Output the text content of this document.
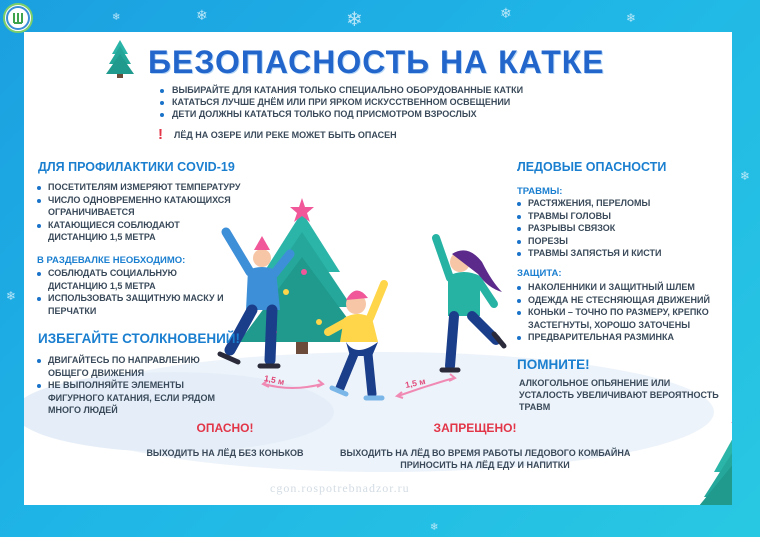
❄	❄	❄	❄
❄
❄
❄
❄
БЕЗОПАСНОСТЬ НА КАТКЕ
ВЫБИРАЙТЕ ДЛЯ КАТАНИЯ ТОЛЬКО СПЕЦИАЛЬНО ОБОРУДОВАННЫЕ КАТКИ
КАТАТЬСЯ ЛУЧШЕ ДНЁМ ИЛИ ПРИ ЯРКОМ ИСКУССТВЕННОМ ОСВЕЩЕНИИ
ДЕТИ ДОЛЖНЫ КАТАТЬСЯ ТОЛЬКО ПОД ПРИСМОТРОМ ВЗРОСЛЫХ
! ЛЁД НА ОЗЕРЕ ИЛИ РЕКЕ МОЖЕТ БЫТЬ ОПАСЕН
ДЛЯ ПРОФИЛАКТИКИ COVID-19
ПОСЕТИТЕЛЯМ ИЗМЕРЯЮТ ТЕМПЕРАТУРУ
ЧИСЛО ОДНОВРЕМЕННО КАТАЮЩИХСЯ
ОГРАНИЧИВАЕТСЯ
КАТАЮЩИЕСЯ СОБЛЮДАЮТ
ДИСТАНЦИЮ 1,5 МЕТРА
В РАЗДЕВАЛКЕ НЕОБХОДИМО:
СОБЛЮДАТЬ СОЦИАЛЬНУЮ
ДИСТАНЦИЮ 1,5 МЕТРА
ИСПОЛЬЗОВАТЬ ЗАЩИТНУЮ МАСКУ И
ПЕРЧАТКИ
ИЗБЕГАЙТЕ СТОЛКНОВЕНИЙ!
ДВИГАЙТЕСЬ ПО НАПРАВЛЕНИЮ
ОБЩЕГО ДВИЖЕНИЯ
НЕ ВЫПОЛНЯЙТЕ ЭЛЕМЕНТЫ
ФИГУРНОГО КАТАНИЯ, ЕСЛИ РЯДОМ
МНОГО ЛЮДЕЙ
ЛЕДОВЫЕ ОПАСНОСТИ
ТРАВМЫ:
РАСТЯЖЕНИЯ, ПЕРЕЛОМЫ
ТРАВМЫ ГОЛОВЫ
РАЗРЫВЫ СВЯЗОК
ПОРЕЗЫ
ТРАВМЫ ЗАПЯСТЬЯ И КИСТИ
ЗАЩИТА:
НАКОЛЕННИКИ И ЗАЩИТНЫЙ ШЛЕМ
ОДЕЖДА НЕ СТЕСНЯЮЩАЯ ДВИЖЕНИЙ
КОНЬКИ – ТОЧНО ПО РАЗМЕРУ, КРЕПКО
ЗАСТЕГНУТЫ, ХОРОШО ЗАТОЧЕНЫ
ПРЕДВАРИТЕЛЬНАЯ РАЗМИНКА
ПОМНИТЕ!
АЛКОГОЛЬНОЕ ОПЬЯНЕНИЕ ИЛИ
УСТАЛОСТЬ УВЕЛИЧИВАЮТ ВЕРОЯТНОСТЬ
ТРАВМ
1,5 м	1,5 м
ОПАСНО!
ВЫХОДИТЬ НА ЛЁД БЕЗ КОНЬКОВ
ЗАПРЕЩЕНО!
ВЫХОДИТЬ НА ЛЁД ВО ВРЕМЯ РАБОТЫ ЛЕДОВОГО КОМБАЙНА
ПРИНОСИТЬ НА ЛЁД ЕДУ И НАПИТКИ
cgon.rospotrebnadzor.ru
